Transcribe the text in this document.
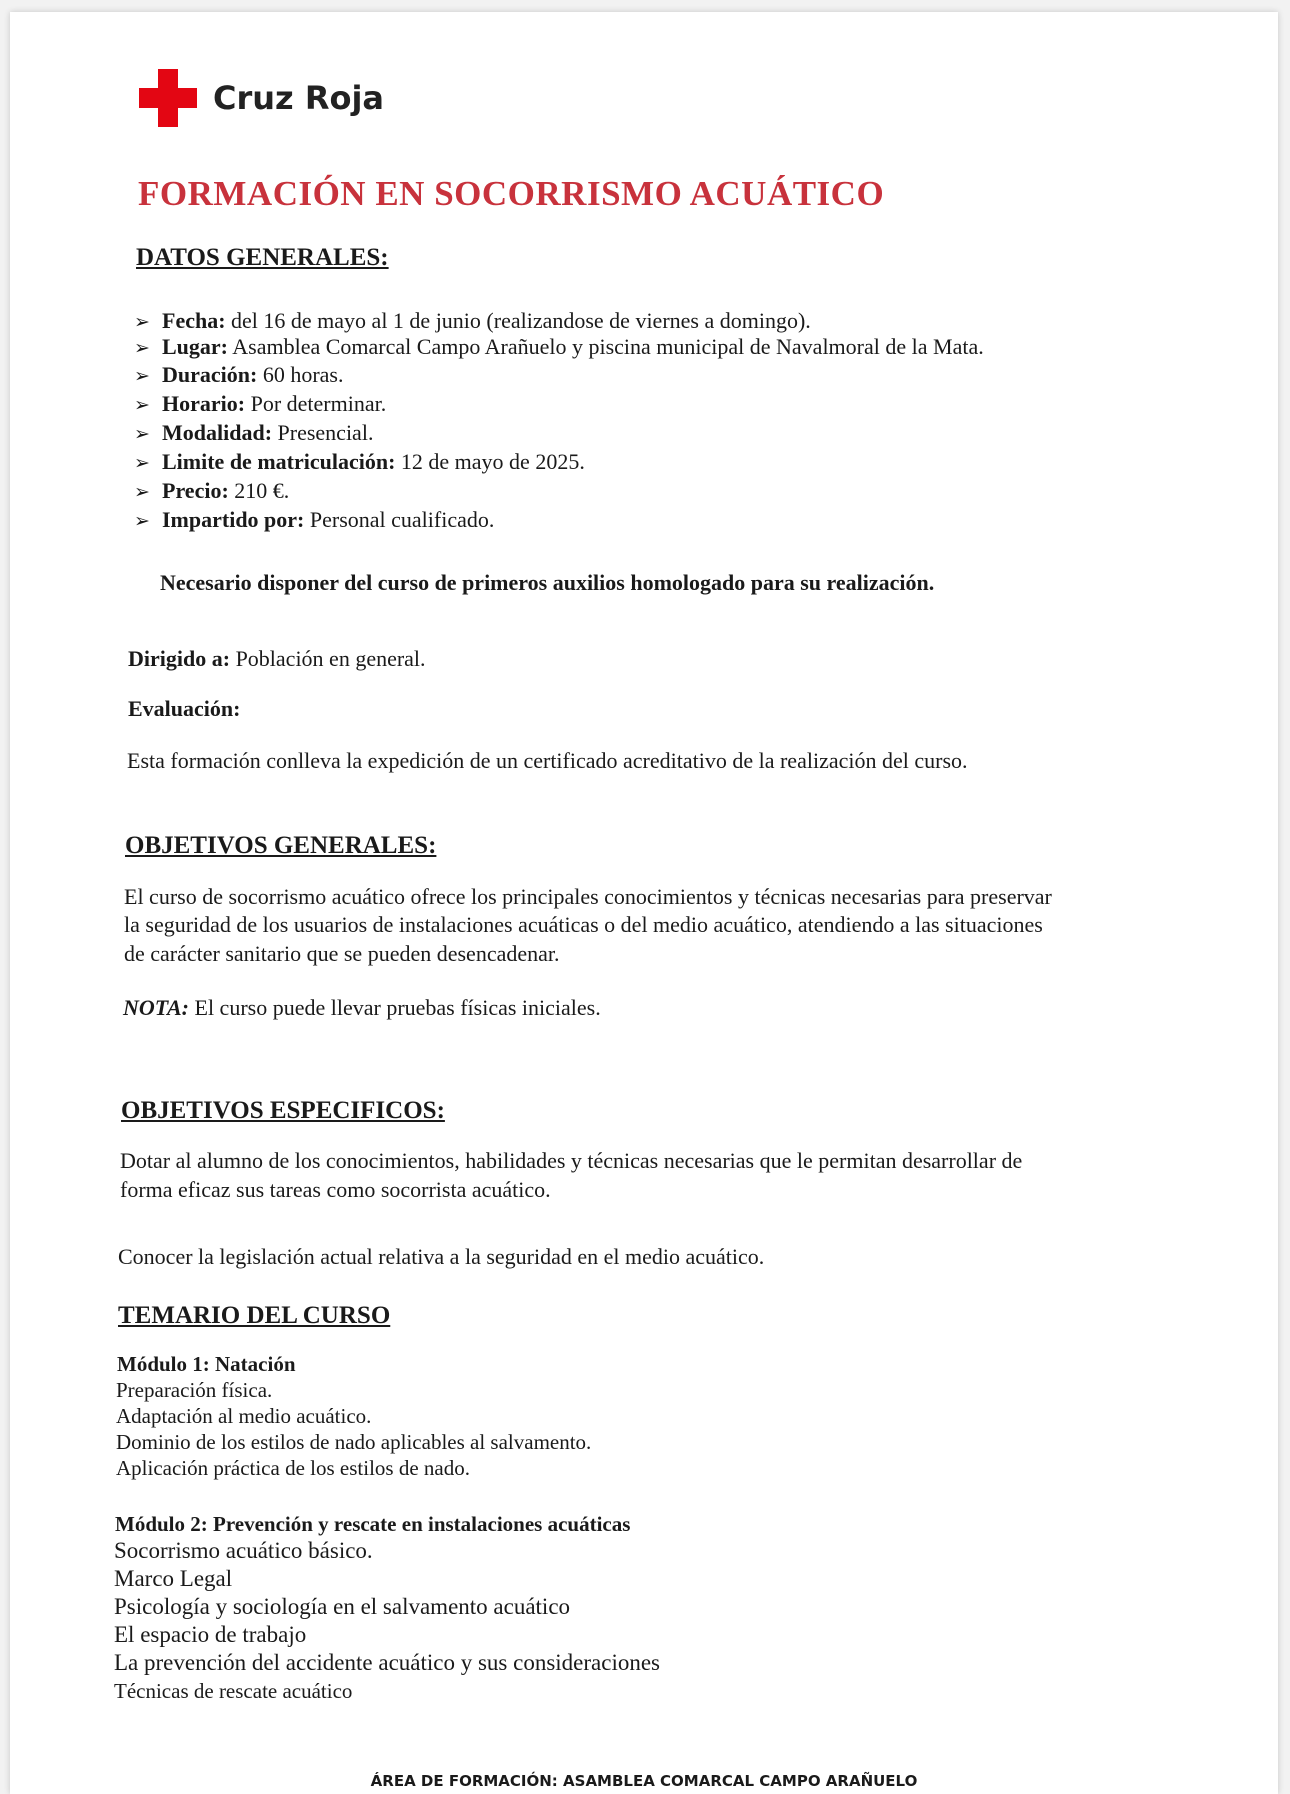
Cruz Roja
FORMACIÓN EN SOCORRISMO ACUÁTICO
DATOS GENERALES:
➢ Fecha: del 16 de mayo al 1 de junio (realizandose de viernes a domingo).
➢ Lugar: Asamblea Comarcal Campo Arañuelo y piscina municipal de Navalmoral de la Mata.
➢ Duración: 60 horas.
➢ Horario: Por determinar.
➢ Modalidad: Presencial.
➢ Limite de matriculación: 12 de mayo de 2025.
➢ Precio: 210 €.
➢ Impartido por: Personal cualificado.
Necesario disponer del curso de primeros auxilios homologado para su realización.
Dirigido a: Población en general.
Evaluación:
Esta formación conlleva la expedición de un certificado acreditativo de la realización del curso.
OBJETIVOS GENERALES:
El curso de socorrismo acuático ofrece los principales conocimientos y técnicas necesarias para preservar
la seguridad de los usuarios de instalaciones acuáticas o del medio acuático, atendiendo a las situaciones
de carácter sanitario que se pueden desencadenar.
NOTA: El curso puede llevar pruebas físicas iniciales.
OBJETIVOS ESPECIFICOS:
Dotar al alumno de los conocimientos, habilidades y técnicas necesarias que le permitan desarrollar de
forma eficaz sus tareas como socorrista acuático.
Conocer la legislación actual relativa a la seguridad en el medio acuático.
TEMARIO DEL CURSO
Módulo 1: Natación
Preparación física.
Adaptación al medio acuático.
Dominio de los estilos de nado aplicables al salvamento.
Aplicación práctica de los estilos de nado.
Módulo 2: Prevención y rescate en instalaciones acuáticas
Socorrismo acuático básico.
Marco Legal
Psicología y sociología en el salvamento acuático
El espacio de trabajo
La prevención del accidente acuático y sus consideraciones
Técnicas de rescate acuático
ÁREA DE FORMACIÓN: ASAMBLEA COMARCAL CAMPO ARAÑUELO
